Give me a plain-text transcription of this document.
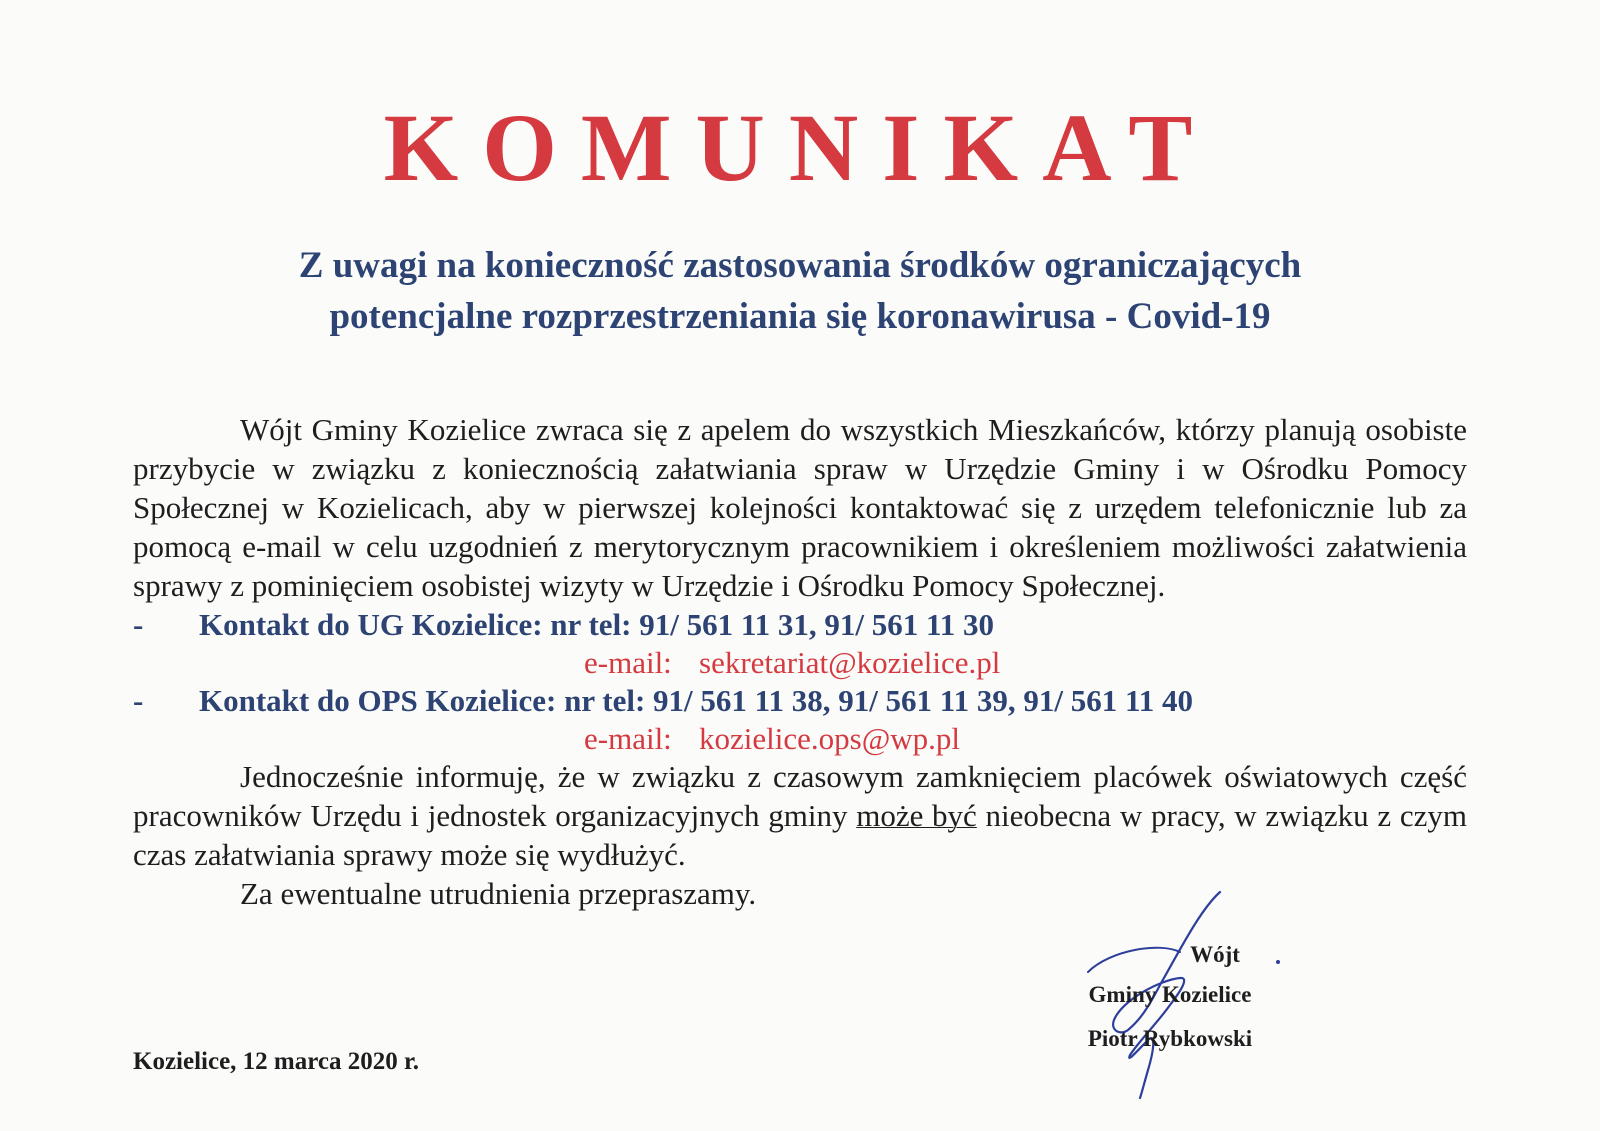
KOMUNIKAT
Z uwagi na konieczność zastosowania środków ograniczających
potencjalne rozprzestrzeniania się koronawirusa - Covid-19

Wójt Gminy Kozielice zwraca się z apelem do wszystkich Mieszkańców, którzy planują osobiste przybycie w związku z koniecznością załatwiania spraw w Urzędzie Gminy i w Ośrodku Pomocy Społecznej w Kozielicach, aby w pierwszej kolejności kontaktować się z urzędem telefonicznie lub za pomocą e-mail w celu uzgodnień z merytorycznym pracownikiem i określeniem możliwości załatwienia sprawy z pominięciem osobistej wizyty w Urzędzie i Ośrodku Pomocy Społecznej.

- Kontakt do UG Kozielice: nr tel: 91/ 561 11 31, 91/ 561 11 30
e-mail: sekretariat@kozielice.pl
- Kontakt do OPS Kozielice: nr tel: 91/ 561 11 38, 91/ 561 11 39, 91/ 561 11 40
e-mail: kozielice.ops@wp.pl

Jednocześnie informuję, że w związku z czasowym zamknięciem placówek oświatowych część pracowników Urzędu i jednostek organizacyjnych gminy może być nieobecna w pracy, w związku z czym czas załatwiania sprawy może się wydłużyć.

Za ewentualne utrudnienia przepraszamy.

Wójt
Gminy Kozielice
Piotr Rybkowski
Kozielice, 12 marca 2020 r.
